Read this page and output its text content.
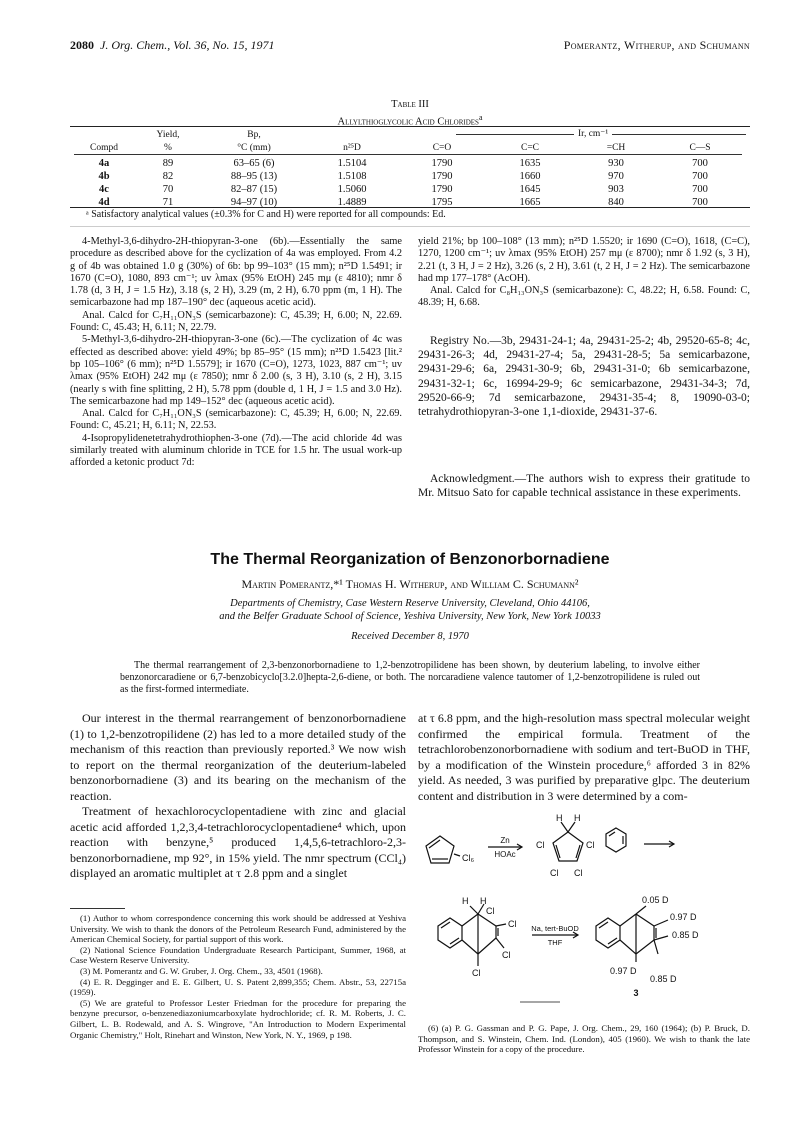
2080 J. Org. Chem., Vol. 36, No. 15, 1971	Pomerantz, Witherup, and Schumann
Table III
Allylthioglycolic Acid Chlorides$^a$
Ir, cm⁻¹
	Yield,	Bp,					
Compd	%	°C (mm)	n²⁵D	C=O	C=C	=CH	C—S

4a	89	63–65 (6)	1.5104	1790	1635	930	700
4b	82	88–95 (13)	1.5108	1790	1660	970	700
4c	70	82–87 (15)	1.5060	1790	1645	903	700
4d	71	94–97 (10)	1.4889	1795	1665	840	700
ᵃ Satisfactory analytical values (±0.3% for C and H) were reported for all compounds: Ed.

4-Methyl-3,6-dihydro-2H-thiopyran-3-one (6b).—Essentially the same procedure as described above for the cyclization of 4a was employed. From 4.2 g of 4b was obtained 1.0 g (30%) of 6b: bp 99–103° (15 mm); n²⁵D 1.5491; ir 1670 (C=O), 1080, 893 cm⁻¹; uv λmax (95% EtOH) 245 mμ (ε 4810); nmr δ 1.78 (d, 3 H, J = 1.5 Hz), 3.18 (s, 2 H), 3.29 (m, 2 H), 6.70 ppm (m, 1 H). The semicarbazone had mp 187–190° dec (aqueous acetic acid).

Anal. Calcd for C₇H₁₁ON₃S (semicarbazone): C, 45.39; H, 6.00; N, 22.69. Found: C, 45.43; H, 6.11; N, 22.79.

5-Methyl-3,6-dihydro-2H-thiopyran-3-one (6c).—The cyclization of 4c was effected as described above: yield 49%; bp 85–95° (15 mm); n²⁵D 1.5423 [lit.² bp 105–106° (6 mm); n²⁵D 1.5579]; ir 1670 (C=O), 1273, 1023, 887 cm⁻¹; uv λmax (95% EtOH) 242 mμ (ε 7850); nmr δ 2.00 (s, 3 H), 3.10 (s, 2 H), 3.15 (nearly s with fine splitting, 2 H), 5.78 ppm (double d, 1 H, J = 1.5 and 3.0 Hz). The semicarbazone had mp 149–152° dec (aqueous acetic acid).

Anal. Calcd for C₇H₁₁ON₃S (semicarbazone): C, 45.39; H, 6.00; N, 22.69. Found: C, 45.21; H, 6.11; N, 22.53.

4-Isopropylidenetetrahydrothiophen-3-one (7d).—The acid chloride 4d was similarly treated with aluminum chloride in TCE for 1.5 hr. The usual work-up afforded a ketonic product 7d:

yield 21%; bp 100–108° (13 mm); n²⁵D 1.5520; ir 1690 (C=O), 1618, (C=C), 1270, 1200 cm⁻¹; uv λmax (95% EtOH) 257 mμ (ε 8700); nmr δ 1.92 (s, 3 H), 2.21 (t, 3 H, J = 2 Hz), 3.26 (s, 2 H), 3.61 (t, 2 H, J = 2 Hz). The semicarbazone had mp 177–178° (AcOH).

Anal. Calcd for C₈H₁₃ON₃S (semicarbazone): C, 48.22; H, 6.58. Found: C, 48.39; H, 6.68.

Registry No.—3b, 29431-24-1; 4a, 29431-25-2; 4b, 29520-65-8; 4c, 29431-26-3; 4d, 29431-27-4; 5a, 29431-28-5; 5a semicarbazone, 29431-29-6; 6a, 29431-30-9; 6b, 29431-31-0; 6b semicarbazone, 29431-32-1; 6c, 16994-29-9; 6c semicarbazone, 29431-34-3; 7d, 29520-66-9; 7d semicarbazone, 29431-35-4; 8, 19090-03-0; tetrahydrothiopyran-3-one 1,1-dioxide, 29431-37-6.

Acknowledgment.—The authors wish to express their gratitude to Mr. Mitsuo Sato for capable technical assistance in these experiments.

The Thermal Reorganization of Benzonorbornadiene
Martin Pomerantz,*¹ Thomas H. Witherup, and William C. Schumann²
Departments of Chemistry, Case Western Reserve University, Cleveland, Ohio 44106,
and the Belfer Graduate School of Science, Yeshiva University, New York, New York 10033
Received December 8, 1970
The thermal rearrangement of 2,3-benzonorbornadiene to 1,2-benzotropilidene has been shown, by deuterium labeling, to involve either benzonorcaradiene or 6,7-benzobicyclo[3.2.0]hepta-2,6-diene, or both. The norcaradiene valence tautomer of 1,2-benzotropilidene is ruled out as the first-formed intermediate.

Our interest in the thermal rearrangement of benzonorbornadiene (1) to 1,2-benzotropilidene (2) has led to a more detailed study of the mechanism of this reaction than previously reported.³ We now wish to report on the thermal reorganization of the deuterium-labeled benzonorbornadiene (3) and its bearing on the mechanism of the reaction.

Treatment of hexachlorocyclopentadiene with zinc and glacial acetic acid afforded 1,2,3,4-tetrachlorocyclopentadiene⁴ which, upon reaction with benzyne,⁵ produced 1,4,5,6-tetrachloro-2,3-benzonorbornadiene, mp 92°, in 15% yield. The nmr spectrum (CCl₄) displayed an aromatic multiplet at τ 2.8 ppm and a singlet

at τ 6.8 ppm, and the high-resolution mass spectral molecular weight confirmed the empirical formula. Treatment of the tetrachlorobenzonorbornadiene with sodium and tert-BuOD in THF, by a modification of the Winstein procedure,⁶ afforded 3 in 82% yield. As needed, 3 was purified by preparative glpc. The deuterium content and distribution in 3 were determined by a com-

Cl₆
Zn
HOAc
H H
Cl	Cl
Cl Cl
H H
Cl
Cl
Cl
Cl
Na, tert-BuOD
THF
0.05 D
0.97 D
0.85 D
0.97 D
0.85 D
3

(1) Author to whom correspondence concerning this work should be addressed at Yeshiva University. We wish to thank the donors of the Petroleum Research Fund, administered by the American Chemical Society, for partial support of this work.

(2) National Science Foundation Undergraduate Research Participant, Summer, 1968, at Case Western Reserve University.

(3) M. Pomerantz and G. W. Gruber, J. Org. Chem., 33, 4501 (1968).

(4) E. R. Degginger and E. E. Gilbert, U. S. Patent 2,899,355; Chem. Abstr., 53, 22715a (1959).

(5) We are grateful to Professor Lester Friedman for the procedure for preparing the benzyne precursor, o-benzenediazoniumcarboxylate hydrochloride; cf. R. M. Roberts, J. C. Gilbert, L. B. Rodewald, and A. S. Wingrove, "An Introduction to Modern Experimental Organic Chemistry," Holt, Rinehart and Winston, New York, N. Y., 1969, p 198.

(6) (a) P. G. Gassman and P. G. Pape, J. Org. Chem., 29, 160 (1964); (b) P. Bruck, D. Thompson, and S. Winstein, Chem. Ind. (London), 405 (1960). We wish to thank the late Professor Winstein for a copy of the procedure.
